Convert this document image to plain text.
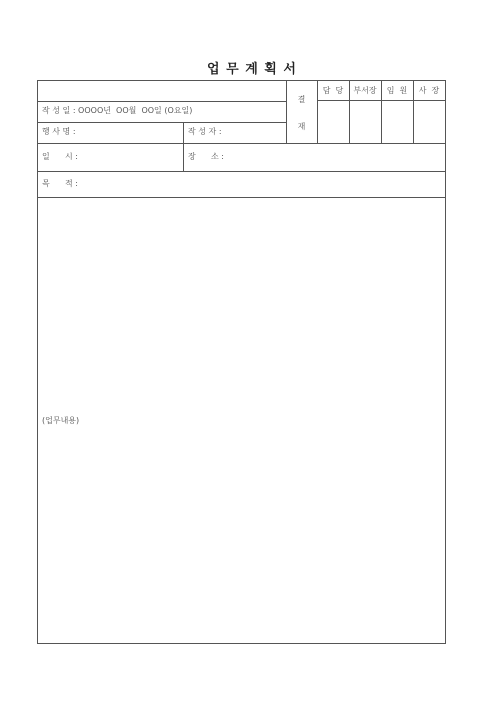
업 무 계 획 서
결
재
담  당	부서장	임  원	사  장
작 성 일 : OOOO년  OO월  OO일 (O요일)
행 사 명 :	작 성 자 :
일      시 :	장      소 :
목      적 :
(업무내용)
